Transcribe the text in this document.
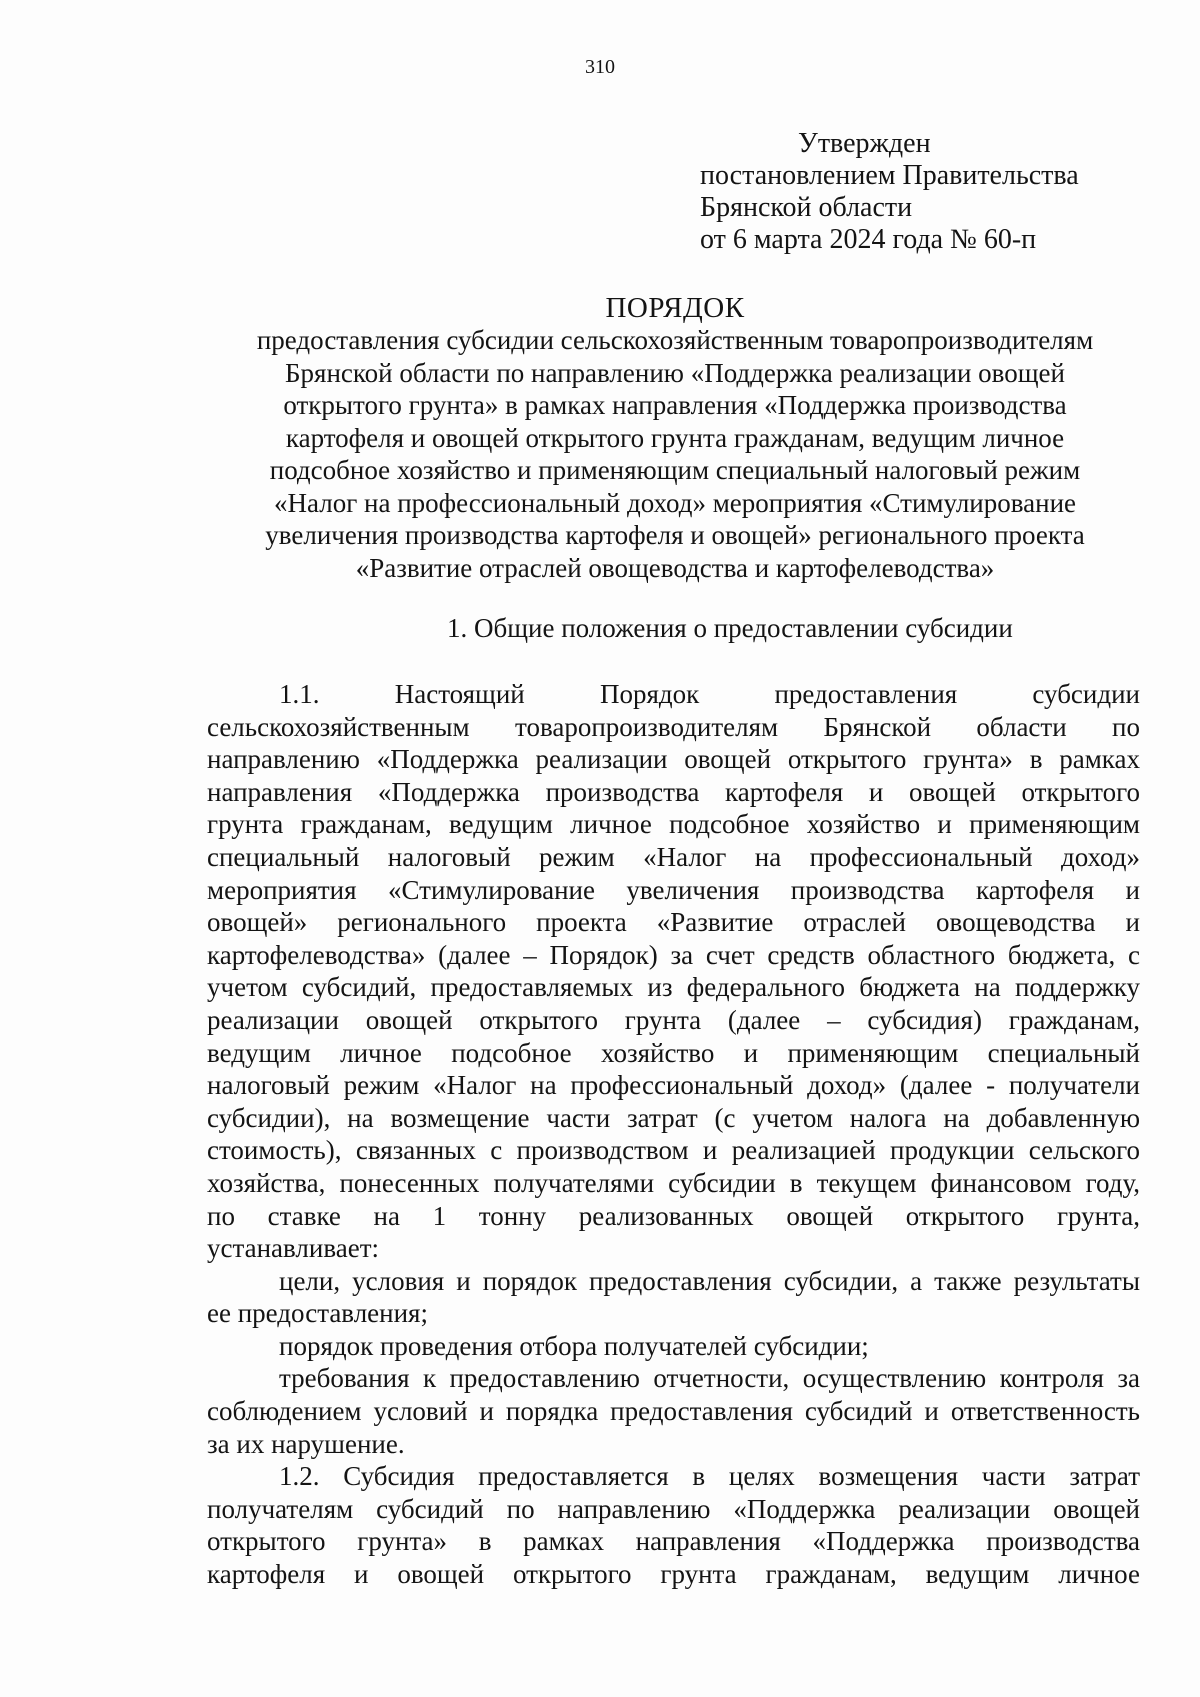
310
Утвержден
постановлением Правительства
Брянской области
от 6 марта 2024 года № 60-п
ПОРЯДОК
предоставления субсидии сельскохозяйственным товаропроизводителям
Брянской области по направлению «Поддержка реализации овощей
открытого грунта» в рамках направления «Поддержка производства
картофеля и овощей открытого грунта гражданам, ведущим личное
подсобное хозяйство и применяющим специальный налоговый режим
«Налог на профессиональный доход» мероприятия «Стимулирование
увеличения производства картофеля и овощей» регионального проекта
«Развитие отраслей овощеводства и картофелеводства»
1. Общие положения о предоставлении субсидии
1.1. Настоящий Порядок предоставления субсидии
сельскохозяйственным товаропроизводителям Брянской области по
направлению «Поддержка реализации овощей открытого грунта» в рамках
направления «Поддержка производства картофеля и овощей открытого
грунта гражданам, ведущим личное подсобное хозяйство и применяющим
специальный налоговый режим «Налог на профессиональный доход»
мероприятия «Стимулирование увеличения производства картофеля и
овощей» регионального проекта «Развитие отраслей овощеводства и
картофелеводства» (далее – Порядок) за счет средств областного бюджета, с
учетом субсидий, предоставляемых из федерального бюджета на поддержку
реализации овощей открытого грунта (далее – субсидия) гражданам,
ведущим личное подсобное хозяйство и применяющим специальный
налоговый режим «Налог на профессиональный доход» (далее - получатели
субсидии), на возмещение части затрат (с учетом налога на добавленную
стоимость), связанных с производством и реализацией продукции сельского
хозяйства, понесенных получателями субсидии в текущем финансовом году,
по ставке на 1 тонну реализованных овощей открытого грунта,
устанавливает:
цели, условия и порядок предоставления субсидии, а также результаты
ее предоставления;
порядок проведения отбора получателей субсидии;
требования к предоставлению отчетности, осуществлению контроля за
соблюдением условий и порядка предоставления субсидий и ответственность
за их нарушение.
1.2. Субсидия предоставляется в целях возмещения части затрат
получателям субсидий по направлению «Поддержка реализации овощей
открытого грунта» в рамках направления «Поддержка производства
картофеля и овощей открытого грунта гражданам, ведущим личное
